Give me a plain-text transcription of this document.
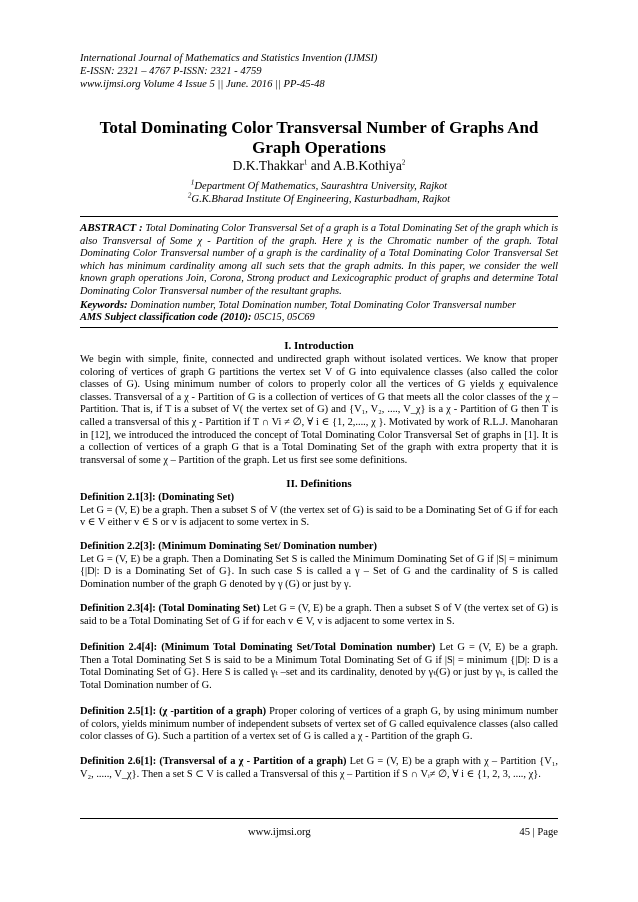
International Journal of Mathematics and Statistics Invention (IJMSI)
E-ISSN: 2321 – 4767 P-ISSN: 2321 - 4759
www.ijmsi.org Volume 4 Issue 5 || June. 2016 || PP-45-48
Total Dominating Color Transversal Number of Graphs And Graph Operations
D.K.Thakkar$^1$ and A.B.Kothiya$^2$
$^1$Department Of Mathematics, Saurashtra University, Rajkot
$^2$G.K.Bharad Institute Of Engineering, Kasturbadham, Rajkot
ABSTRACT : Total Dominating Color Transversal Set of a graph is a Total Dominating Set of the graph which is also Transversal of Some χ - Partition of the graph. Here χ is the Chromatic number of the graph. Total Dominating Color Transversal number of a graph is the cardinality of a Total Dominating Color Transversal Set which has minimum cardinality among all such sets that the graph admits. In this paper, we consider the well known graph operations Join, Corona, Strong product and Lexicographic product of graphs and determine Total Dominating Color Transversal number of the resultant graphs.
Keywords: Domination number, Total Domination number, Total Dominating Color Transversal number
AMS Subject classification code (2010): 05C15, 05C69
I. Introduction
We begin with simple, finite, connected and undirected graph without isolated vertices. We know that proper coloring of vertices of graph G partitions the vertex set V of G into equivalence classes (also called the color classes of G). Using minimum number of colors to properly color all the vertices of G yields χ equivalence classes. Transversal of a χ - Partition of G is a collection of vertices of G that meets all the color classes of the χ – Partition. That is, if T is a subset of V( the vertex set of G) and {V₁, V₂, ...., V_χ} is a χ - Partition of G then T is called a transversal of this χ - Partition if T ∩ Vi ≠ ∅, ∀ i ∈ {1, 2,...., χ }. Motivated by work of R.L.J. Manoharan in [12], we introduced the introduced the concept of Total Dominating Color Transversal Set of graphs in [1]. It is a collection of vertices of a graph G that is a Total Dominating Set of the graph with extra property that it is transversal of some χ – Partition of the graph. Let us first see some definitions.
II. Definitions
Definition 2.1[3]: (Dominating Set)
Let G = (V, E) be a graph. Then a subset S of V (the vertex set of G) is said to be a Dominating Set of G if for each v ∈ V either v ∈ S or v is adjacent to some vertex in S.
Definition 2.2[3]: (Minimum Dominating Set/ Domination number)
Let G = (V, E) be a graph. Then a Dominating Set S is called the Minimum Dominating Set of G if |S| = minimum {|D|: D is a Dominating Set of G}. In such case S is called a γ – Set of G and the cardinality of S is called Domination number of the graph G denoted by γ (G) or just by γ.
Definition 2.3[4]: (Total Dominating Set) Let G = (V, E) be a graph. Then a subset S of V (the vertex set of G) is said to be a Total Dominating Set of G if for each v ∈ V, v is adjacent to some vertex in S.
Definition 2.4[4]: (Minimum Total Dominating Set/Total Domination number) Let G = (V, E) be a graph. Then a Total Dominating Set S is said to be a Minimum Total Dominating Set of G if |S| = minimum {|D|: D is a Total Dominating Set of G}. Here S is called γₜ –set and its cardinality, denoted by γₜ(G) or just by γₜ, is called the Total Domination number of G.
Definition 2.5[1]: (χ -partition of a graph) Proper coloring of vertices of a graph G, by using minimum number of colors, yields minimum number of independent subsets of vertex set of G called equivalence classes (also called color classes of G). Such a partition of a vertex set of G is called a χ - Partition of the graph G.
Definition 2.6[1]: (Transversal of a χ - Partition of a graph) Let G = (V, E) be a graph with χ – Partition {V₁, V₂, ....., V_χ}. Then a set S ⊂ V is called a Transversal of this χ – Partition if S ∩ Vᵢ≠ ∅, ∀ i ∈ {1, 2, 3, ...., χ}.
www.ijmsi.org	45 | Page
